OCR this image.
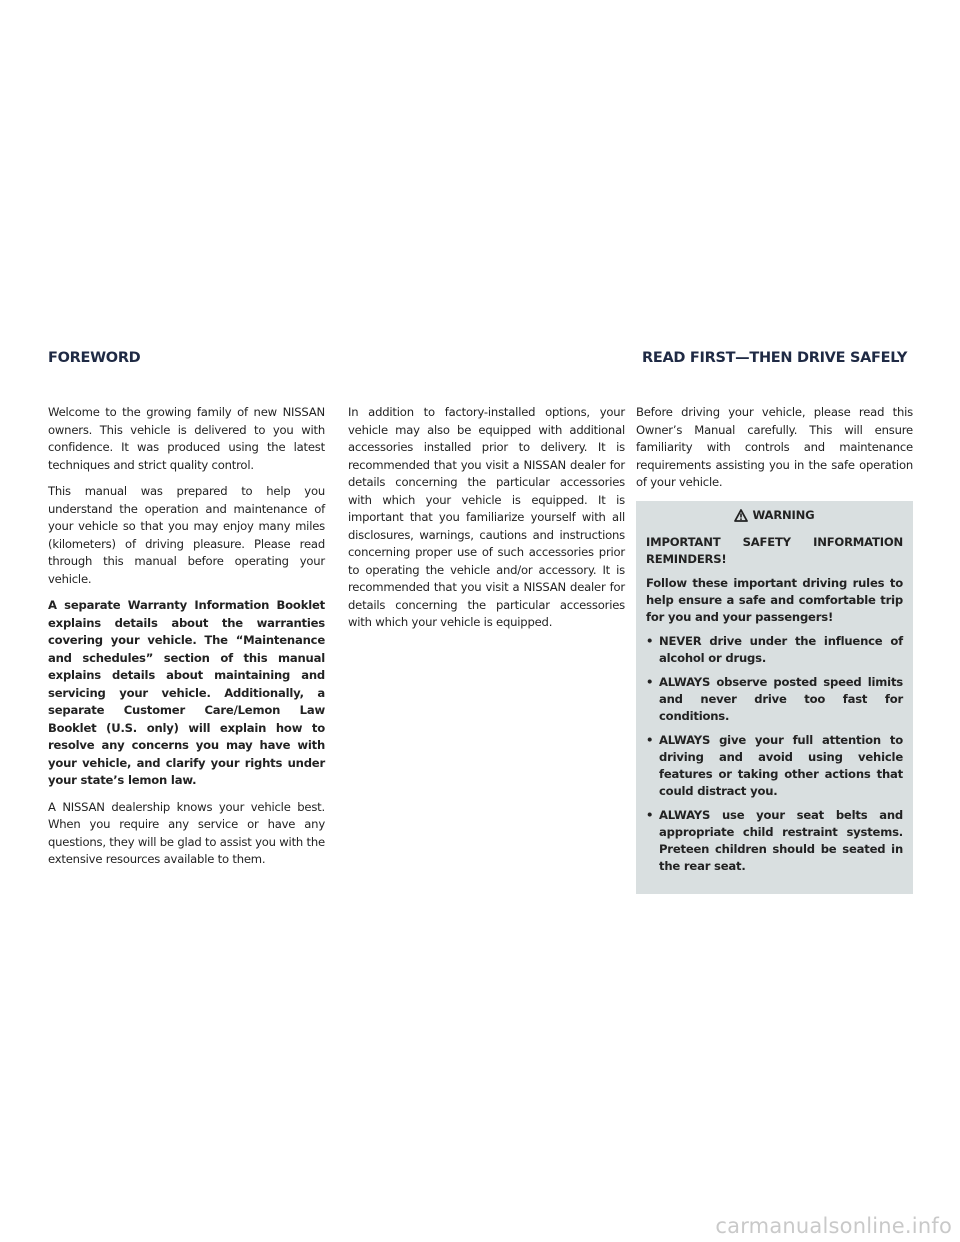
FOREWORD	READ FIRST—THEN DRIVE SAFELY

Welcome to the growing family of new NISSAN owners. This vehicle is delivered to you with confidence. It was produced using the latest techniques and strict quality control.

This manual was prepared to help you understand the operation and maintenance of your vehicle so that you may enjoy many miles (kilometers) of driving pleasure. Please read through this manual before operating your vehicle.

A separate Warranty Information Booklet explains details about the warranties covering your vehicle. The “Maintenance and schedules” section of this manual explains details about maintaining and servicing your vehicle. Additionally, a separate Customer Care/Lemon Law Booklet (U.S. only) will explain how to resolve any concerns you may have with your vehicle, and clarify your rights under your state’s lemon law.

A NISSAN dealership knows your vehicle best. When you require any service or have any questions, they will be glad to assist you with the extensive resources available to them.

In addition to factory-installed options, your vehicle may also be equipped with additional accessories installed prior to delivery. It is recommended that you visit a NISSAN dealer for details concerning the particular accessories with which your vehicle is equipped. It is important that you familiarize yourself with all disclosures, warnings, cautions and instructions concerning proper use of such accessories prior to operating the vehicle and/or accessory. It is recommended that you visit a NISSAN dealer for details concerning the particular accessories with which your vehicle is equipped.

Before driving your vehicle, please read this Owner’s Manual carefully. This will ensure familiarity with controls and maintenance requirements assisting you in the safe operation of your vehicle.

WARNING

IMPORTANT SAFETY INFORMATION REMINDERS!

Follow these important driving rules to help ensure a safe and comfortable trip for you and your passengers!

• NEVER drive under the influence of alcohol or drugs.
• ALWAYS observe posted speed limits and never drive too fast for conditions.
• ALWAYS give your full attention to driving and avoid using vehicle features or taking other actions that could distract you.
• ALWAYS use your seat belts and appropriate child restraint systems. Preteen children should be seated in the rear seat.
carmanualsonline.info
